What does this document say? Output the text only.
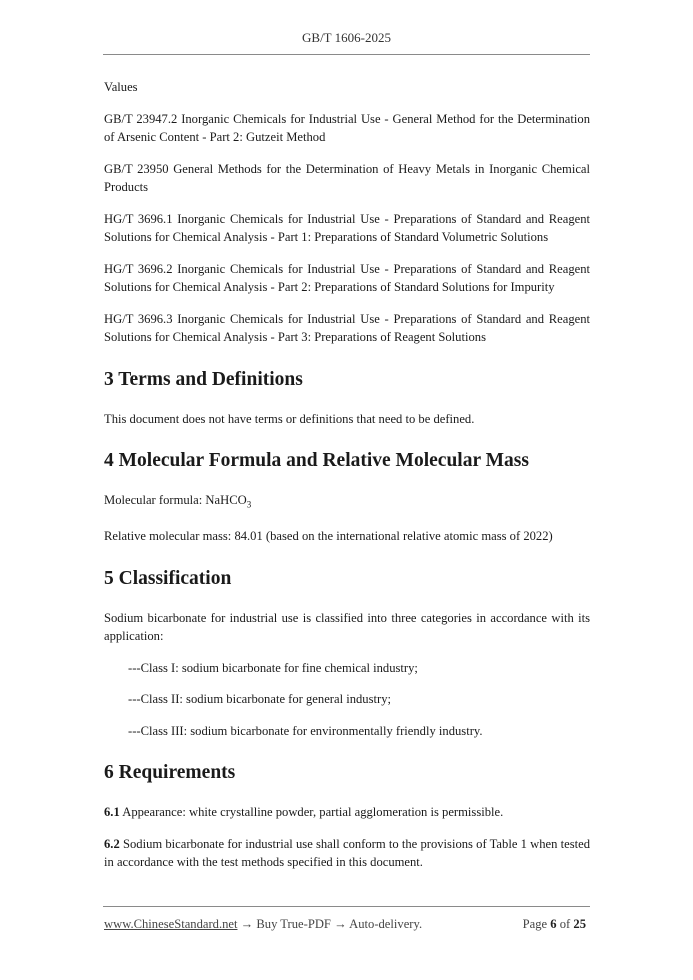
GB/T 1606-2025

Values

GB/T 23947.2 Inorganic Chemicals for Industrial Use - General Method for the Determination of Arsenic Content - Part 2: Gutzeit Method

GB/T 23950 General Methods for the Determination of Heavy Metals in Inorganic Chemical Products

HG/T 3696.1 Inorganic Chemicals for Industrial Use - Preparations of Standard and Reagent Solutions for Chemical Analysis - Part 1: Preparations of Standard Volumetric Solutions

HG/T 3696.2 Inorganic Chemicals for Industrial Use - Preparations of Standard and Reagent Solutions for Chemical Analysis - Part 2: Preparations of Standard Solutions for Impurity

HG/T 3696.3 Inorganic Chemicals for Industrial Use - Preparations of Standard and Reagent Solutions for Chemical Analysis - Part 3: Preparations of Reagent Solutions

3 Terms and Definitions

This document does not have terms or definitions that need to be defined.

4 Molecular Formula and Relative Molecular Mass

Molecular formula: NaHCO$_3$

Relative molecular mass: 84.01 (based on the international relative atomic mass of 2022)

5 Classification

Sodium bicarbonate for industrial use is classified into three categories in accordance with its application:

---Class I: sodium bicarbonate for fine chemical industry;

---Class II: sodium bicarbonate for general industry;

---Class III: sodium bicarbonate for environmentally friendly industry.

6 Requirements

6.1 Appearance: white crystalline powder, partial agglomeration is permissible.

6.2 Sodium bicarbonate for industrial use shall conform to the provisions of Table 1 when tested in accordance with the test methods specified in this document.

www.ChineseStandard.net → Buy True-PDF → Auto-delivery.	Page 6 of 25
